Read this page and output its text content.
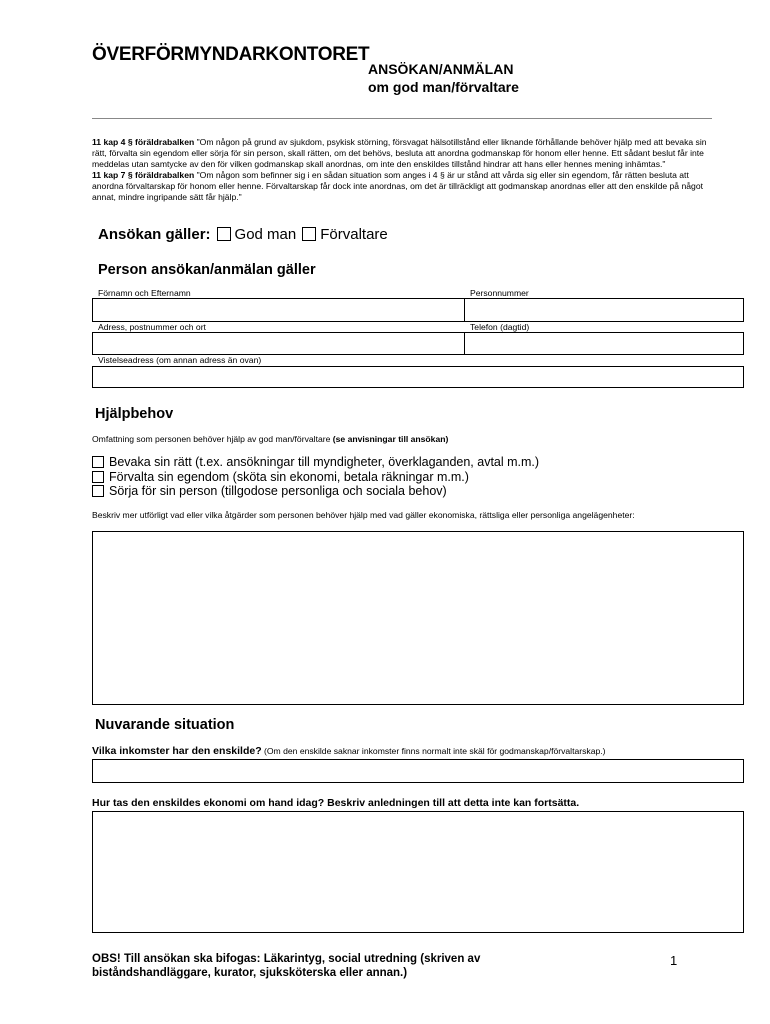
ÖVERFÖRMYNDARKONTORET
ANSÖKAN/ANMÄLAN
om god man/förvaltare
11 kap 4 § föräldrabalken "Om någon på grund av sjukdom, psykisk störning, försvagat hälsotillstånd eller liknande förhållande behöver hjälp med att bevaka sin rätt, förvalta sin egendom eller sörja för sin person, skall rätten, om det behövs, besluta att anordna godmanskap för honom eller henne. Ett sådant beslut får inte meddelas utan samtycke av den för vilken godmanskap skall anordnas, om inte den enskildes tillstånd hindrar att hans eller hennes mening inhämtas."
11 kap 7 § föräldrabalken "Om någon som befinner sig i en sådan situation som anges i 4 § är ur stånd att vårda sig eller sin egendom, får rätten besluta att anordna förvaltarskap för honom eller henne. Förvaltarskap får dock inte anordnas, om det är tillräckligt att godmanskap anordnas eller att den enskilde på något annat, mindre ingripande sätt får hjälp."
Ansökan gäller: God man Förvaltare
Person ansökan/anmälan gäller
Förnamn och Efternamn	Personnummer
Adress, postnummer och ort	Telefon (dagtid)
Vistelseadress (om annan adress än ovan)
Hjälpbehov
Omfattning som personen behöver hjälp av god man/förvaltare (se anvisningar till ansökan)
Bevaka sin rätt (t.ex. ansökningar till myndigheter, överklaganden, avtal m.m.)
Förvalta sin egendom (sköta sin ekonomi, betala räkningar m.m.)
Sörja för sin person (tillgodose personliga och sociala behov)
Beskriv mer utförligt vad eller vilka åtgärder som personen behöver hjälp med vad gäller ekonomiska, rättsliga eller personliga angelägenheter:
Nuvarande situation
Vilka inkomster har den enskilde? (Om den enskilde saknar inkomster finns normalt inte skäl för godmanskap/förvaltarskap.)
Hur tas den enskildes ekonomi om hand idag? Beskriv anledningen till att detta inte kan fortsätta.
OBS! Till ansökan ska bifogas: Läkarintyg, social utredning (skriven av
biståndshandläggare, kurator, sjuksköterska eller annan.)
1
